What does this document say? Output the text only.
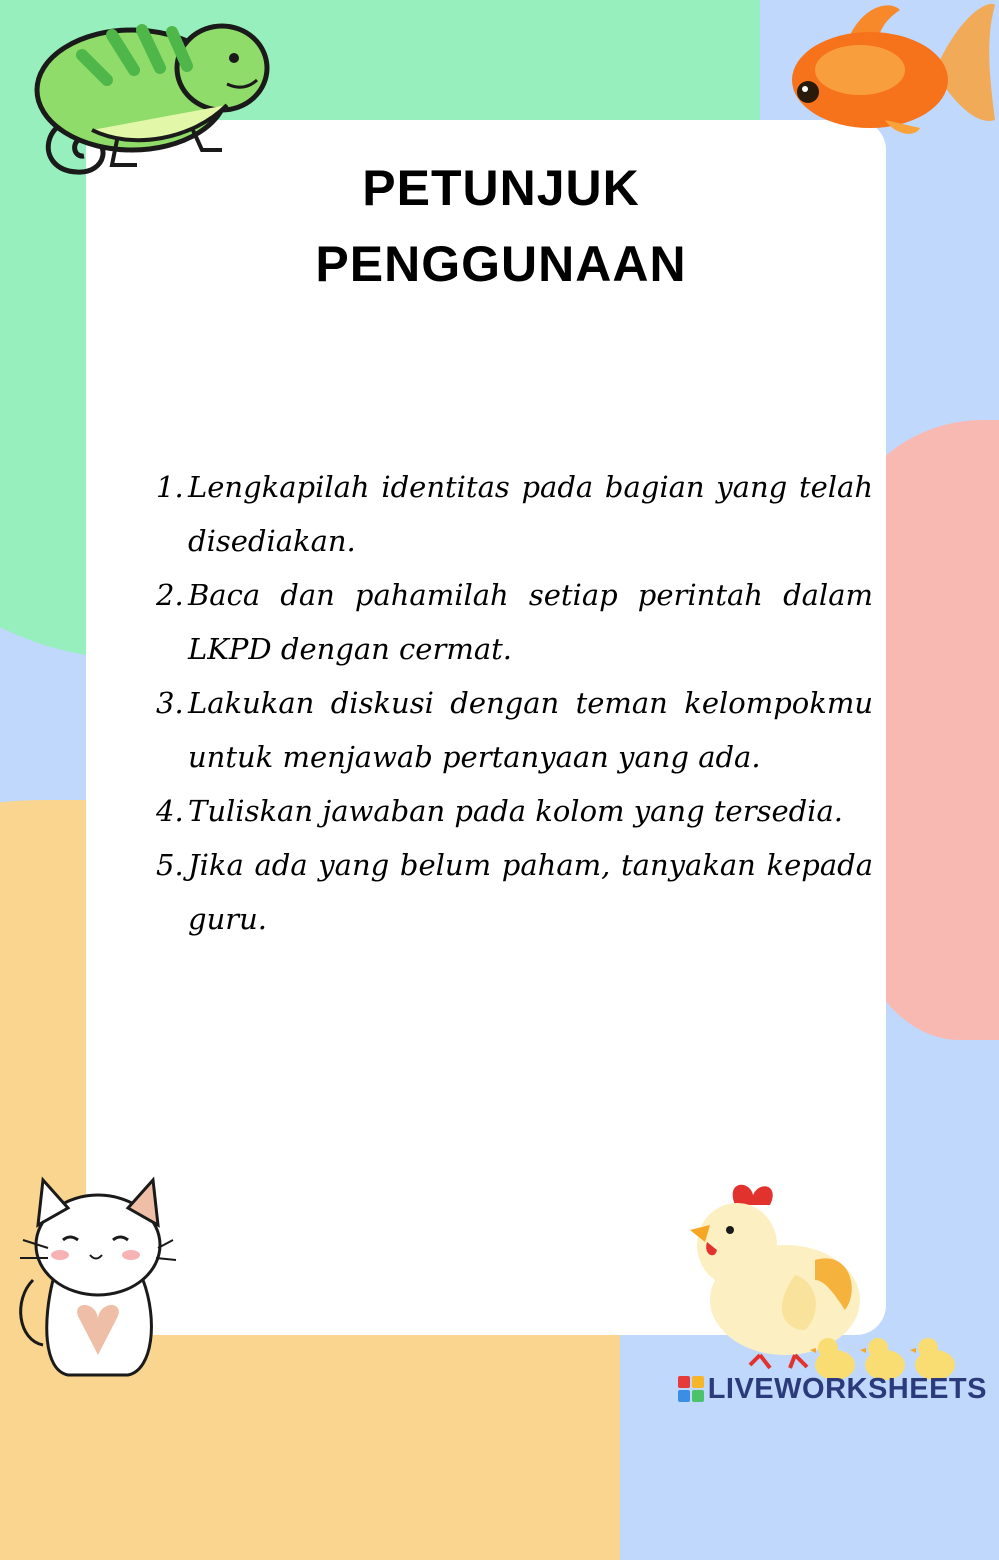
PETUNJUK
PENGGUNAAN
1. Lengkapilah identitas pada bagian yang telah disediakan.
2. Baca dan pahamilah setiap perintah dalam LKPD dengan cermat.
3. Lakukan diskusi dengan teman kelompokmu untuk menjawab pertanyaan yang ada.
4. Tuliskan jawaban pada kolom yang tersedia.
5. Jika ada yang belum paham, tanyakan kepada guru.
LIVEWORKSHEETS
